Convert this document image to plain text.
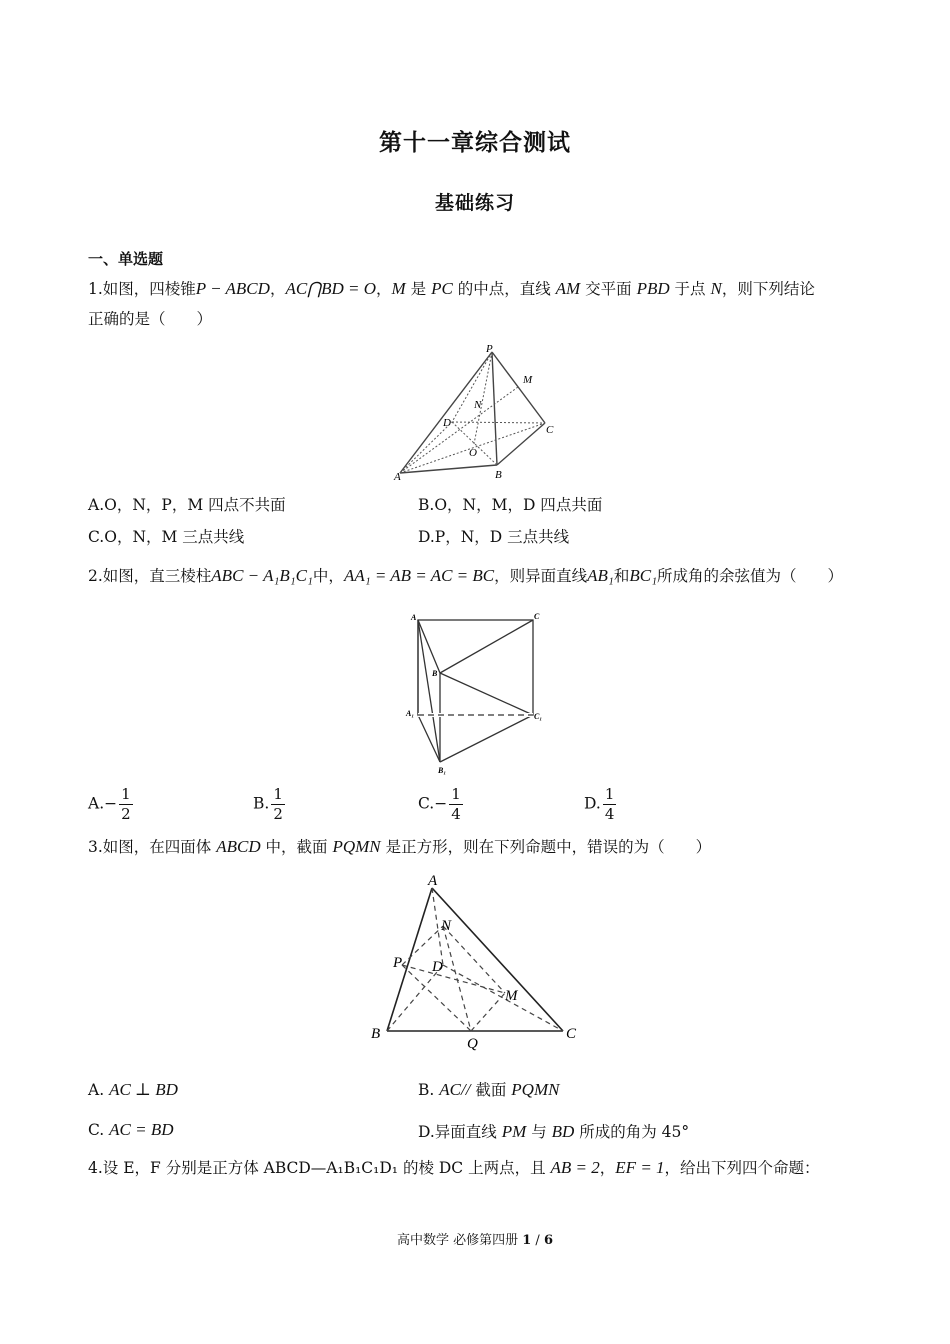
第十一章综合测试
基础练习
一、单选题
1.如图，四棱锥P − ABCD，AC⋂BD = O，M 是 PC 的中点，直线 AM 交平面 PBD 于点 N，则下列结论
正确的是（　　）
P
M
N
D
C
O
A	B
A.O，N，P，M 四点不共面	B.O，N，M，D 四点共面
C.O，N，M 三点共线	D.P，N，D 三点共线
2.如图，直三棱柱ABC − A₁B₁C₁中，AA₁ = AB = AC = BC，则异面直线AB₁和BC₁所成角的余弦值为（　　）
A	C
B
A₁	C₁
B₁
$A.- \frac{1}{2}$	B. $\frac{1}{2}$	$C.- \frac{1}{4}$	D. $\frac{1}{4}$
3.如图，在四面体 ABCD 中，截面 PQMN 是正方形，则在下列命题中，错误的为（　　）
A
N
P D
M
B
Q
C
A. AC ⊥ BD	B. AC// 截面 PQMN
C. AC = BD	D.异面直线 PM 与 BD 所成的角为 45°
4.设 E，F 分别是正方体 ABCD—A₁B₁C₁D₁ 的棱 DC 上两点，且 AB = 2，EF = 1，给出下列四个命题：
高中数学 必修第四册 1 / 6
